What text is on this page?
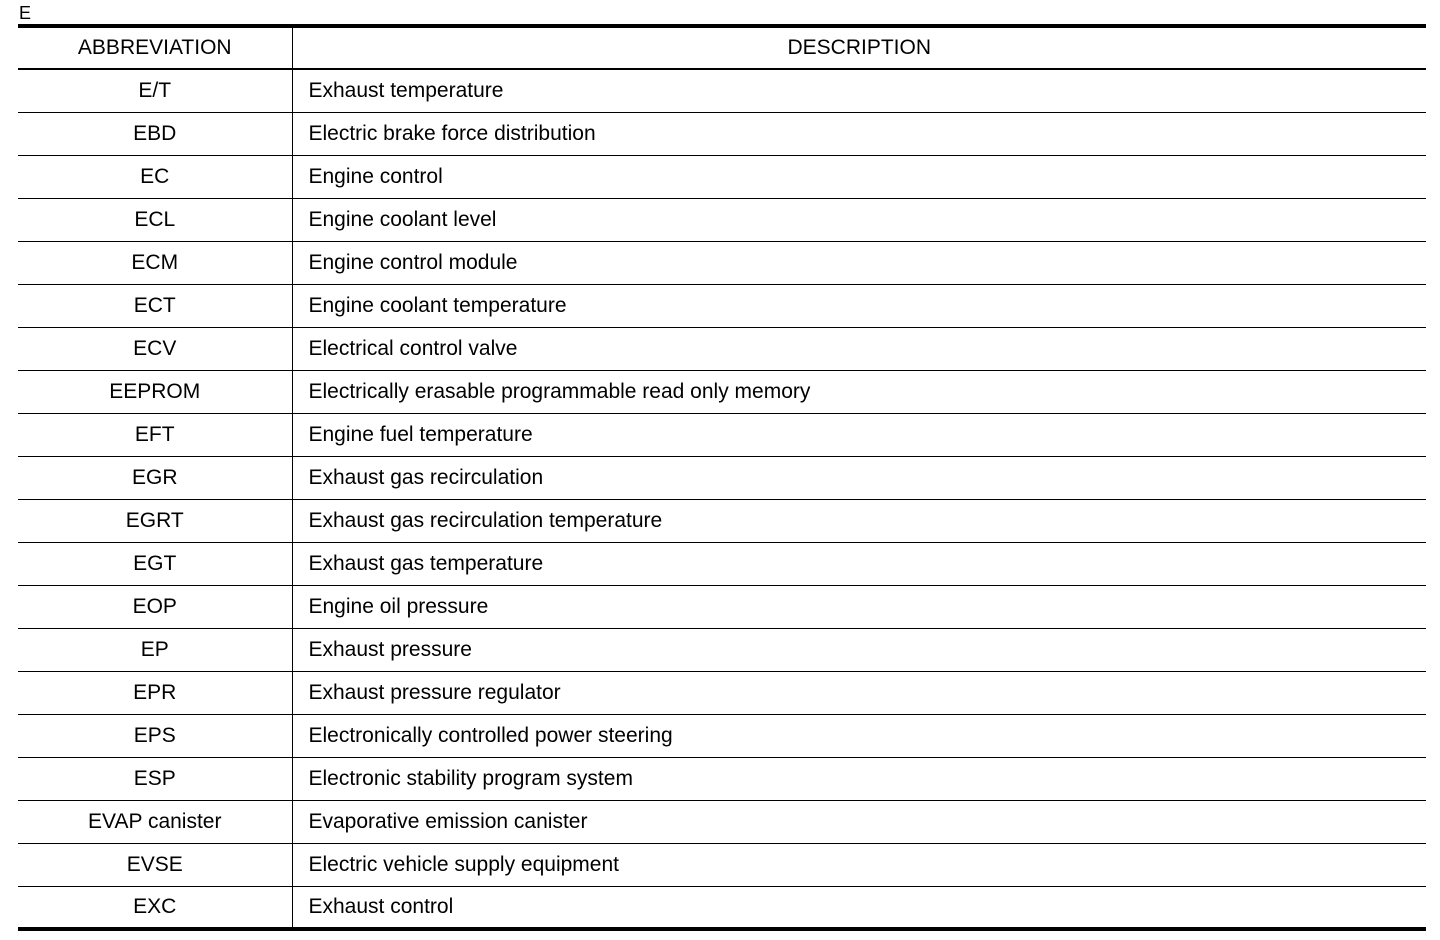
E
ABBREVIATION	DESCRIPTION
E/T	Exhaust temperature
EBD	Electric brake force distribution
EC	Engine control
ECL	Engine coolant level
ECM	Engine control module
ECT	Engine coolant temperature
ECV	Electrical control valve
EEPROM	Electrically erasable programmable read only memory
EFT	Engine fuel temperature
EGR	Exhaust gas recirculation
EGRT	Exhaust gas recirculation temperature
EGT	Exhaust gas temperature
EOP	Engine oil pressure
EP	Exhaust pressure
EPR	Exhaust pressure regulator
EPS	Electronically controlled power steering
ESP	Electronic stability program system
EVAP canister	Evaporative emission canister
EVSE	Electric vehicle supply equipment
EXC	Exhaust control
